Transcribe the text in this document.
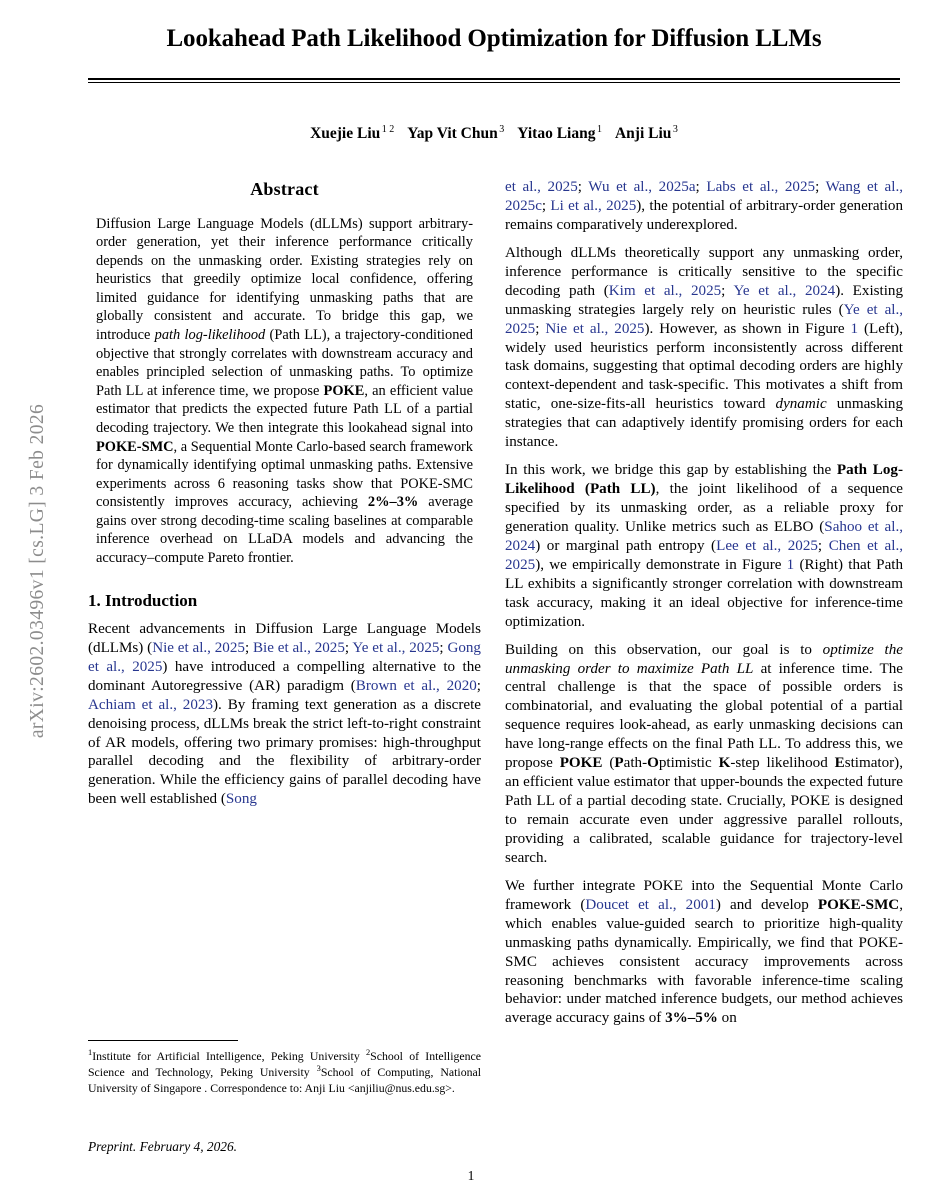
arXiv:2602.03496v1 [cs.LG] 3 Feb 2026
Lookahead Path Likelihood Optimization for Diffusion LLMs
Xuejie Liu $^{1 2}$ Yap Vit Chun $^3$ Yitao Liang $^1$ Anji Liu $^3$
Abstract
Diffusion Large Language Models (dLLMs) support arbitrary-order generation, yet their inference performance critically depends on the unmasking order. Existing strategies rely on heuristics that greedily optimize local confidence, offering limited guidance for identifying unmasking paths that are globally consistent and accurate. To bridge this gap, we introduce path log-likelihood (Path LL), a trajectory-conditioned objective that strongly correlates with downstream accuracy and enables principled selection of unmasking paths. To optimize Path LL at inference time, we propose POKE, an efficient value estimator that predicts the expected future Path LL of a partial decoding trajectory. We then integrate this lookahead signal into POKE-SMC, a Sequential Monte Carlo-based search framework for dynamically identifying optimal unmasking paths. Extensive experiments across 6 reasoning tasks show that POKE-SMC consistently improves accuracy, achieving 2%–3% average gains over strong decoding-time scaling baselines at comparable inference overhead on LLaDA models and advancing the accuracy–compute Pareto frontier.
1. Introduction

Recent advancements in Diffusion Large Language Models (dLLMs) (Nie et al., 2025; Bie et al., 2025; Ye et al., 2025; Gong et al., 2025) have introduced a compelling alternative to the dominant Autoregressive (AR) paradigm (Brown et al., 2020; Achiam et al., 2023). By framing text generation as a discrete denoising process, dLLMs break the strict left-to-right constraint of AR models, offering two primary promises: high-throughput parallel decoding and the flexibility of arbitrary-order generation. While the efficiency gains of parallel decoding have been well established (Song

et al., 2025; Wu et al., 2025a; Labs et al., 2025; Wang et al., 2025c; Li et al., 2025), the potential of arbitrary-order generation remains comparatively underexplored.

Although dLLMs theoretically support any unmasking order, inference performance is critically sensitive to the specific decoding path (Kim et al., 2025; Ye et al., 2024). Existing unmasking strategies largely rely on heuristic rules (Ye et al., 2025; Nie et al., 2025). However, as shown in Figure 1 (Left), widely used heuristics perform inconsistently across different task domains, suggesting that optimal decoding orders are highly context-dependent and task-specific. This motivates a shift from static, one-size-fits-all heuristics toward dynamic unmasking strategies that can adaptively identify promising orders for each instance.

In this work, we bridge this gap by establishing the Path Log-Likelihood (Path LL), the joint likelihood of a sequence specified by its unmasking order, as a reliable proxy for generation quality. Unlike metrics such as ELBO (Sahoo et al., 2024) or marginal path entropy (Lee et al., 2025; Chen et al., 2025), we empirically demonstrate in Figure 1 (Right) that Path LL exhibits a significantly stronger correlation with downstream task accuracy, making it an ideal objective for inference-time optimization.

Building on this observation, our goal is to optimize the unmasking order to maximize Path LL at inference time. The central challenge is that the space of possible orders is combinatorial, and evaluating the global potential of a partial sequence requires look-ahead, as early unmasking decisions can have long-range effects on the final Path LL. To address this, we propose POKE (Path-Optimistic K-step likelihood Estimator), an efficient value estimator that upper-bounds the expected future Path LL of a partial decoding state. Crucially, POKE is designed to remain accurate even under aggressive parallel rollouts, providing a calibrated, scalable guidance for trajectory-level search.

We further integrate POKE into the Sequential Monte Carlo framework (Doucet et al., 2001) and develop POKE-SMC, which enables value-guided search to prioritize high-quality unmasking paths dynamically. Empirically, we find that POKE-SMC achieves consistent accuracy improvements across reasoning benchmarks with favorable inference-time scaling behavior: under matched inference budgets, our method achieves average accuracy gains of 3%–5% on

$^1$Institute for Artificial Intelligence, Peking University $^2$School of Intelligence Science and Technology, Peking University $^3$School of Computing, National University of Singapore . Correspondence to: Anji Liu <anjiliu@nus.edu.sg>.

Preprint. February 4, 2026.
1
